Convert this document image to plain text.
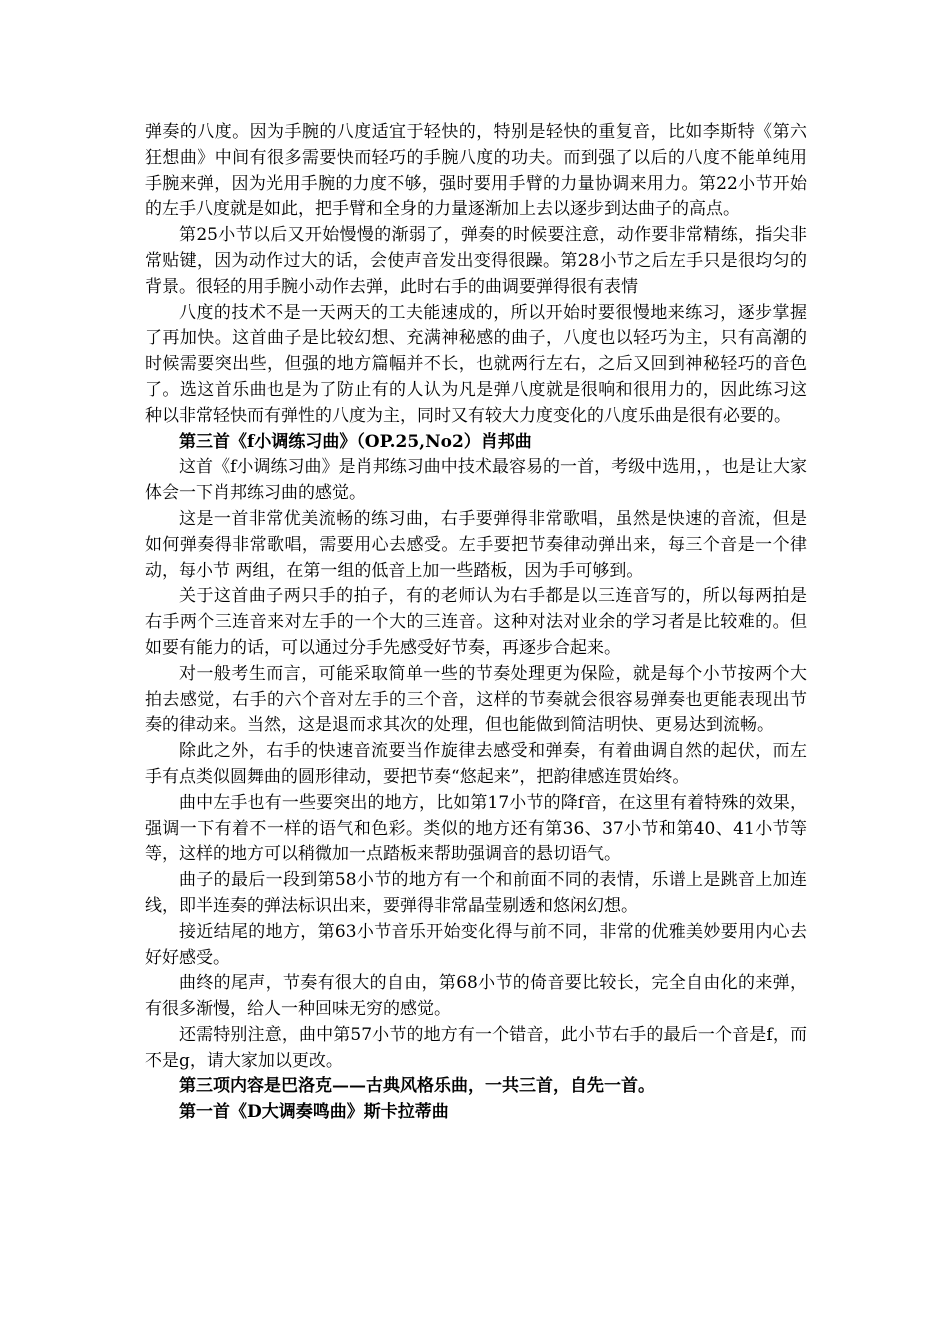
弹奏的八度。因为手腕的八度适宜于轻快的，特别是轻快的重复音，比如李斯特《第六狂想曲》中间有很多需要快而轻巧的手腕八度的功夫。而到强了以后的八度不能单纯用手腕来弹，因为光用手腕的力度不够，强时要用手臂的力量协调来用力。第22小节开始的左手八度就是如此，把手臂和全身的力量逐渐加上去以逐步到达曲子的高点。

第25小节以后又开始慢慢的渐弱了，弹奏的时候要注意，动作要非常精练，指尖非常贴键，因为动作过大的话，会使声音发出变得很躁。第28小节之后左手只是很均匀的背景。很轻的用手腕小动作去弹，此时右手的曲调要弹得很有表情

八度的技术不是一天两天的工夫能速成的，所以开始时要很慢地来练习，逐步掌握了再加快。这首曲子是比较幻想、充满神秘感的曲子，八度也以轻巧为主，只有高潮的时候需要突出些，但强的地方篇幅并不长，也就两行左右，之后又回到神秘轻巧的音色了。选这首乐曲也是为了防止有的人认为凡是弹八度就是很响和很用力的，因此练习这种以非常轻快而有弹性的八度为主，同时又有较大力度变化的八度乐曲是很有必要的。

第三首《f小调练习曲》（OP.25,No2）肖邦曲

这首《f小调练习曲》是肖邦练习曲中技术最容易的一首，考级中选用，，也是让大家体会一下肖邦练习曲的感觉。

这是一首非常优美流畅的练习曲，右手要弹得非常歌唱，虽然是快速的音流，但是如何弹奏得非常歌唱，需要用心去感受。左手要把节奏律动弹出来，每三个音是一个律动，每小节 两组，在第一组的低音上加一些踏板，因为手可够到。

关于这首曲子两只手的拍子，有的老师认为右手都是以三连音写的，所以每两拍是右手两个三连音来对左手的一个大的三连音。这种对法对业余的学习者是比较难的。但如要有能力的话，可以通过分手先感受好节奏，再逐步合起来。

对一般考生而言，可能采取简单一些的节奏处理更为保险，就是每个小节按两个大拍去感觉，右手的六个音对左手的三个音，这样的节奏就会很容易弹奏也更能表现出节奏的律动来。当然，这是退而求其次的处理，但也能做到简洁明快、更易达到流畅。

除此之外，右手的快速音流要当作旋律去感受和弹奏，有着曲调自然的起伏，而左手有点类似圆舞曲的圆形律动，要把节奏“悠起来”，把韵律感连贯始终。

曲中左手也有一些要突出的地方，比如第17小节的降f音，在这里有着特殊的效果，强调一下有着不一样的语气和色彩。类似的地方还有第36、37小节和第40、41小节等等，这样的地方可以稍微加一点踏板来帮助强调音的悬切语气。

曲子的最后一段到第58小节的地方有一个和前面不同的表情，乐谱上是跳音上加连线，即半连奏的弹法标识出来，要弹得非常晶莹剔透和悠闲幻想。

接近结尾的地方，第63小节音乐开始变化得与前不同，非常的优雅美妙要用内心去好好感受。

曲终的尾声，节奏有很大的自由，第68小节的倚音要比较长，完全自由化的来弹，有很多渐慢，给人一种回味无穷的感觉。

还需特别注意，曲中第57小节的地方有一个错音，此小节右手的最后一个音是f，而不是g，请大家加以更改。

第三项内容是巴洛克——古典风格乐曲，一共三首，自先一首。

第一首《D大调奏鸣曲》斯卡拉蒂曲
